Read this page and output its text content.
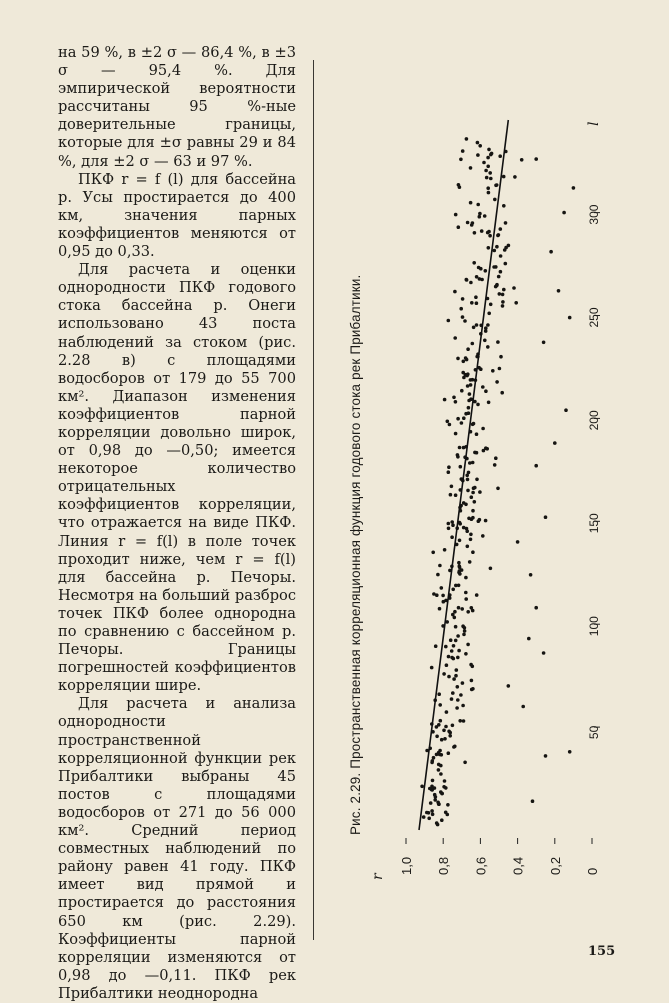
на 59 %, в ±2 σ — 86,4 %, в ±3 σ — 95,4 %. Для эмпирической вероятности рассчитаны 95 %-ные доверительные границы, которые для ±σ равны 29 и 84 %, для ±2 σ — 63 и 97 %.

ПКФ r = f (l) для бассейна р. Усы простирается до 400 км, значения парных коэффициентов меняются от 0,95 до 0,33.

Для расчета и оценки однородности ПКФ годового стока бассейна р. Онеги использовано 43 поста наблюдений за стоком (рис. 2.28 в) с площадями водосборов от 179 до 55 700 км². Диапазон изменения коэффициентов парной корреляции довольно широк, от 0,98 до —0,50; имеется некоторое количество отрицательных коэффициентов корреляции, что отражается на виде ПКФ. Линия r = f(l) в поле точек проходит ниже, чем r = f(l) для бассейна р. Печоры. Несмотря на больший разброс точек ПКФ более однородна по сравнению с бассейном р. Печоры. Границы погрешностей коэффициентов корреляции шире.

Для расчета и анализа однородности пространственной корреляционной функции рек Прибалтики выбраны 45 постов с площадями водосборов от 271 до 56 000 км². Средний период совместных наблюдений по району равен 41 году. ПКФ имеет вид прямой и простирается до расстояния 650 км (рис. 2.29). Коэффициенты парной корреляции изменяются от 0,98 до —0,11. ПКФ рек Прибалтики неоднородна

Рис. 2.29. Пространственная корреляционная функция годового стока рек Прибалтики.
1,0 0,8 0,6 0,4 0,2 0
r
50
100
150
200
250
300
l
155
